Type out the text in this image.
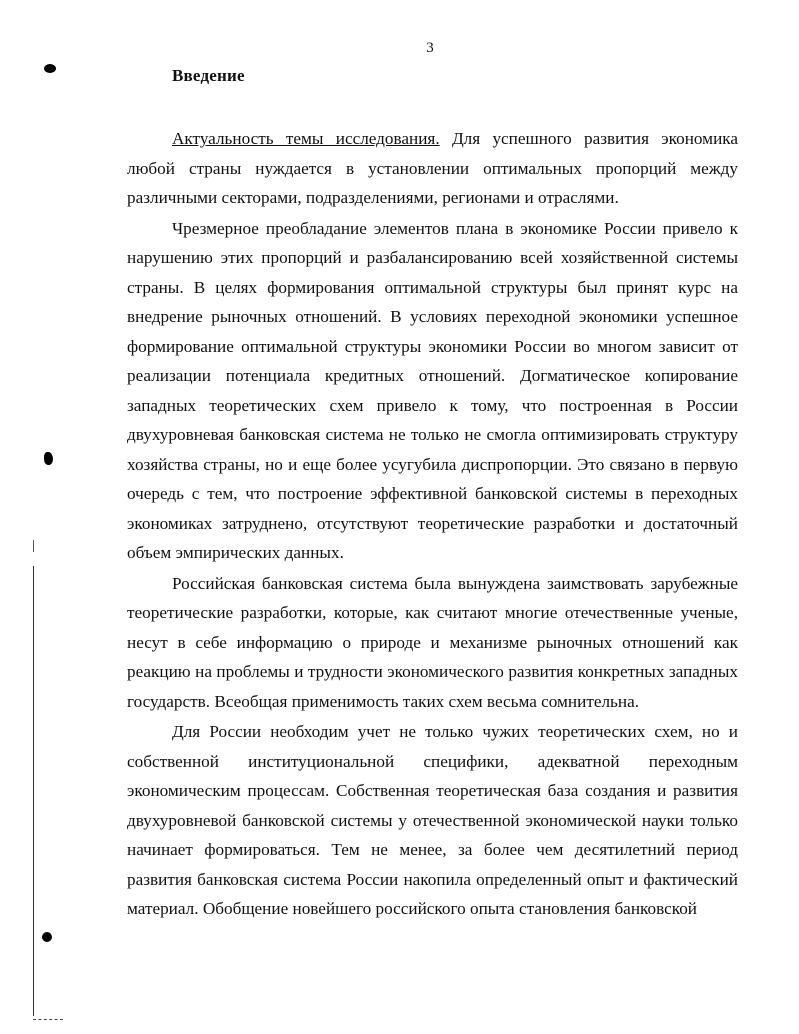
3
Введение

Актуальность темы исследования. Для успешного развития экономика любой страны нуждается в установлении оптимальных пропорций между различными секторами, подразделениями, регионами и отраслями.

Чрезмерное преобладание элементов плана в экономике России привело к нарушению этих пропорций и разбалансированию всей хозяйственной системы страны. В целях формирования оптимальной структуры был принят курс на внедрение рыночных отношений. В условиях переходной экономики успешное формирование оптимальной структуры экономики России во многом зависит от реализации потенциала кредитных отношений. Догматическое копирование западных теоретических схем привело к тому, что построенная в России двухуровневая банковская система не только не смогла оптимизировать структуру хозяйства страны, но и еще более усугубила диспропорции. Это связано в первую очередь с тем, что построение эффективной банковской системы в переходных экономиках затруднено, отсутствуют теоретические разработки и достаточный объем эмпирических данных.

Российская банковская система была вынуждена заимствовать зарубежные теоретические разработки, которые, как считают многие отечественные ученые, несут в себе информацию о природе и механизме рыночных отношений как реакцию на проблемы и трудности экономического развития конкретных западных государств. Всеобщая применимость таких схем весьма сомнительна.

Для России необходим учет не только чужих теоретических схем, но и собственной институциональной специфики, адекватной переходным экономическим процессам. Собственная теоретическая база создания и развития двухуровневой банковской системы у отечественной экономической науки только начинает формироваться. Тем не менее, за более чем десятилетний период развития банковская система России накопила определенный опыт и фактический материал. Обобщение новейшего российского опыта становления банковской
